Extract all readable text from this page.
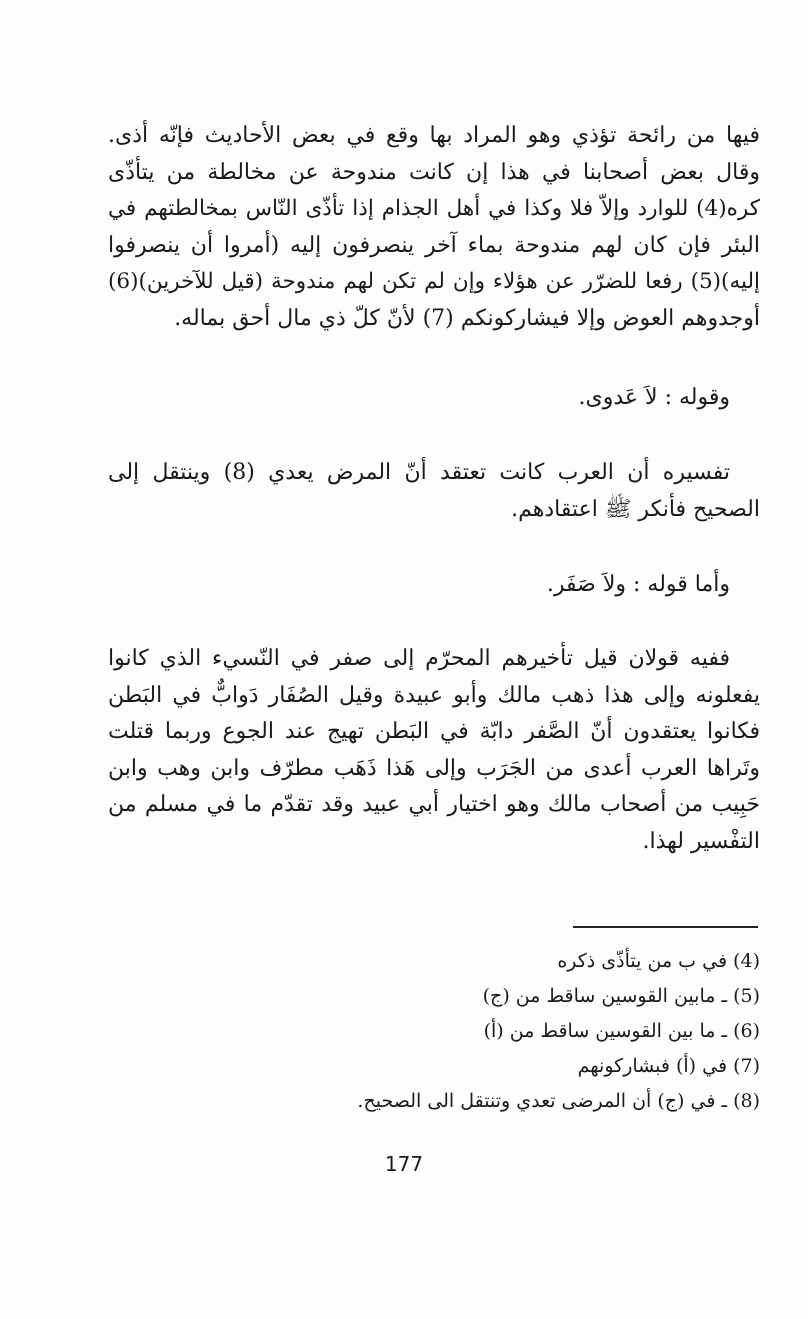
فيها من رائحة تؤذي وهو المراد بها وقع في بعض الأحاديث فإنّه أذى.
وقال بعض أصحابنا في هذا إن كانت مندوحة عن مخالطة من يتأذّى
كره(4) للوارد وإلاّ فلا وكذا في أهل الجذام إذا تأذّى النّاس بمخالطتهم في
البئر فإن كان لهم مندوحة بماء آخر ينصرفون إليه (أمروا أن ينصرفوا
إليه)(5) رفعا للضرّر عن هؤلاء وإن لم تكن لهم مندوحة (قيل للآخرين)(6)
أوجدوهم العوض وإلا فيشاركونكم (7) لأنّ كلّ ذي مال أحق بماله.
وقوله : لاَ عَدوى.
تفسيره أن العرب كانت تعتقد أنّ المرض يعدي (8) وينتقل إلى
الصحيح فأنكر ﷺ اعتقادهم.
وأما قوله : ولاَ صَفَر.
ففيه قولان قيل تأخيرهم المحرّم إلى صفر في النّسيء الذي كانوا
يفعلونه وإلى هذا ذهب مالك وأبو عبيدة وقيل الصُفَار دَوابٌّ في البَطن
فكانوا يعتقدون أنّ الصَّفر دابّة في البَطن تهيج عند الجوع وربما قتلت
وتَراها العرب أعدى من الجَرَب وإلى هَذا ذَهَب مطرّف وابن وهب وابن
حَبِيب من أصحاب مالك وهو اختيار أبي عبيد وقد تقدّم ما في مسلم من
التفْسير لهذا.
(4) في ب من يتأذّى ذكره
(5) ـ مابين القوسين ساقط من (ج)
(6) ـ ما بين القوسين ساقط من (أ)
(7) في (أ) فبشاركونهم
(8) ـ في (ج) أن المرضى تعدي وتنتقل الى الصحيح.
177
